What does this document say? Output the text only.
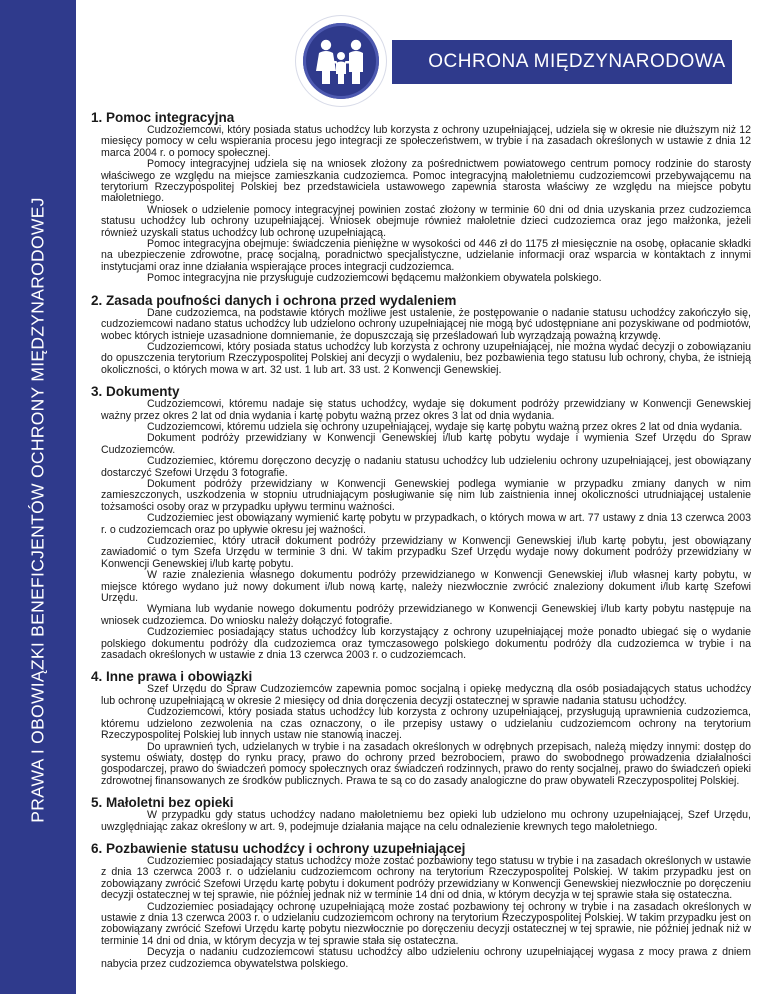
PRAWA I OBOWIĄZKI BENEFICJENTÓW OCHRONY MIĘDZYNARODOWEJ
OCHRONA MIĘDZYNARODOWA
1. Pomoc integracyjna

Cudzoziemcowi, który posiada status uchodźcy lub korzysta z ochrony uzupełniającej, udziela się w okresie nie dłuższym niż 12 miesięcy pomocy w celu wspierania procesu jego integracji ze społeczeństwem, w trybie i na zasadach określonych w ustawie z dnia 12 marca 2004 r. o pomocy społecznej.

Pomocy integracyjnej udziela się na wniosek złożony za pośrednictwem powiatowego centrum pomocy rodzinie do starosty właściwego ze względu na miejsce zamieszkania cudzoziemca. Pomoc integracyjną małoletniemu cudzoziemcowi przebywającemu na terytorium Rzeczypospolitej Polskiej bez przedstawiciela ustawowego zapewnia starosta właściwy ze względu na miejsce pobytu małoletniego.

Wniosek o udzielenie pomocy integracyjnej powinien zostać złożony w terminie 60 dni od dnia uzyskania przez cudzoziemca statusu uchodźcy lub ochrony uzupełniającej. Wniosek obejmuje również małoletnie dzieci cudzoziemca oraz jego małżonka, jeżeli również uzyskali status uchodźcy lub ochronę uzupełniającą.

Pomoc integracyjna obejmuje: świadczenia pieniężne w wysokości od 446 zł do 1175 zł miesięcznie na osobę, opłacanie składki na ubezpieczenie zdrowotne, pracę socjalną, poradnictwo specjalistyczne, udzielanie informacji oraz wsparcia w kontaktach z innymi instytucjami oraz inne działania wspierające proces integracji cudzoziemca.

Pomoc integracyjna nie przysługuje cudzoziemcowi będącemu małżonkiem obywatela polskiego.

2. Zasada poufności danych i ochrona przed wydaleniem

Dane cudzoziemca, na podstawie których możliwe jest ustalenie, że postępowanie o nadanie statusu uchodźcy zakończyło się, cudzoziemcowi nadano status uchodźcy lub udzielono ochrony uzupełniającej nie mogą być udostępniane ani pozyskiwane od podmiotów, wobec których istnieje uzasadnione domniemanie, że dopuszczają się prześladowań lub wyrządzają poważną krzywdę.

Cudzoziemcowi, który posiada status uchodźcy lub korzysta z ochrony uzupełniającej, nie można wydać decyzji o zobowiązaniu do opuszczenia terytorium Rzeczypospolitej Polskiej ani decyzji o wydaleniu, bez pozbawienia tego statusu lub ochrony, chyba, że istnieją okoliczności, o których mowa w art. 32 ust. 1 lub art. 33 ust. 2 Konwencji Genewskiej.

3. Dokumenty

Cudzoziemcowi, któremu nadaje się status uchodźcy, wydaje się dokument podróży przewidziany w Konwencji Genewskiej ważny przez okres 2 lat od dnia wydania i kartę pobytu ważną przez okres 3 lat od dnia wydania.

Cudzoziemcowi, któremu udziela się ochrony uzupełniającej, wydaje się kartę pobytu ważną przez okres 2 lat od dnia wydania.

Dokument podróży przewidziany w Konwencji Genewskiej i/lub kartę pobytu wydaje i wymienia Szef Urzędu do Spraw Cudzoziemców.

Cudzoziemiec, któremu doręczono decyzję o nadaniu statusu uchodźcy lub udzieleniu ochrony uzupełniającej, jest obowiązany dostarczyć Szefowi Urzędu 3 fotografie.

Dokument podróży przewidziany w Konwencji Genewskiej podlega wymianie w przypadku zmiany danych w nim zamieszczonych, uszkodzenia w stopniu utrudniającym posługiwanie się nim lub zaistnienia innej okoliczności utrudniającej ustalenie tożsamości osoby oraz w przypadku upływu terminu ważności.

Cudzoziemiec jest obowiązany wymienić kartę pobytu w przypadkach, o których mowa w art. 77 ustawy z dnia 13 czerwca 2003 r. o cudzoziemcach oraz po upływie okresu jej ważności.

Cudzoziemiec, który utracił dokument podróży przewidziany w Konwencji Genewskiej i/lub kartę pobytu, jest obowiązany zawiadomić o tym Szefa Urzędu w terminie 3 dni. W takim przypadku Szef Urzędu wydaje nowy dokument podróży przewidziany w Konwencji Genewskiej i/lub kartę pobytu.

W razie znalezienia własnego dokumentu podróży przewidzianego w Konwencji Genewskiej i/lub własnej karty pobytu, w miejsce którego wydano już nowy dokument i/lub nową kartę, należy niezwłocznie zwrócić znaleziony dokument i/lub kartę Szefowi Urzędu.

Wymiana lub wydanie nowego dokumentu podróży przewidzianego w Konwencji Genewskiej i/lub karty pobytu następuje na wniosek cudzoziemca. Do wniosku należy dołączyć fotografie.

Cudzoziemiec posiadający status uchodźcy lub korzystający z ochrony uzupełniającej może ponadto ubiegać się o wydanie polskiego dokumentu podróży dla cudzoziemca oraz tymczasowego polskiego dokumentu podróży dla cudzoziemca w trybie i na zasadach określonych w ustawie z dnia 13 czerwca 2003 r. o cudzoziemcach.

4. Inne prawa i obowiązki

Szef Urzędu do Spraw Cudzoziemców zapewnia pomoc socjalną i opiekę medyczną dla osób posiadających status uchodźcy lub ochronę uzupełniającą w okresie 2 miesięcy od dnia doręczenia decyzji ostatecznej w sprawie nadania statusu uchodźcy.

Cudzoziemcowi, który posiada status uchodźcy lub korzysta z ochrony uzupełniającej, przysługują uprawnienia cudzoziemca, któremu udzielono zezwolenia na czas oznaczony, o ile przepisy ustawy o udzielaniu cudzoziemcom ochrony na terytorium Rzeczypospolitej Polskiej lub innych ustaw nie stanowią inaczej.

Do uprawnień tych, udzielanych w trybie i na zasadach określonych w odrębnych przepisach, należą między innymi: dostęp do systemu oświaty, dostęp do rynku pracy, prawo do ochrony przed bezrobociem, prawo do swobodnego prowadzenia działalności gospodarczej, prawo do świadczeń pomocy społecznych oraz świadczeń rodzinnych, prawo do renty socjalnej, prawo do świadczeń opieki zdrowotnej finansowanych ze środków publicznych. Prawa te są co do zasady analogiczne do praw obywateli Rzeczypospolitej Polskiej.

5. Małoletni bez opieki

W przypadku gdy status uchodźcy nadano małoletniemu bez opieki lub udzielono mu ochrony uzupełniającej, Szef Urzędu, uwzględniając zakaz określony w art. 9, podejmuje działania mające na celu odnalezienie krewnych tego małoletniego.

6. Pozbawienie statusu uchodźcy i ochrony uzupełniającej

Cudzoziemiec posiadający status uchodźcy może zostać pozbawiony tego statusu w trybie i na zasadach określonych w ustawie z dnia 13 czerwca 2003 r. o udzielaniu cudzoziemcom ochrony na terytorium Rzeczypospolitej Polskiej. W takim przypadku jest on zobowiązany zwrócić Szefowi Urzędu kartę pobytu i dokument podróży przewidziany w Konwencji Genewskiej niezwłocznie po doręczeniu decyzji ostatecznej w tej sprawie, nie później jednak niż w terminie 14 dni od dnia, w którym decyzja w tej sprawie stała się ostateczna.

Cudzoziemiec posiadający ochronę uzupełniającą może zostać pozbawiony tej ochrony w trybie i na zasadach określonych w ustawie z dnia 13 czerwca 2003 r. o udzielaniu cudzoziemcom ochrony na terytorium Rzeczypospolitej Polskiej. W takim przypadku jest on zobowiązany zwrócić Szefowi Urzędu kartę pobytu niezwłocznie po doręczeniu decyzji ostatecznej w tej sprawie, nie później jednak niż w terminie 14 dni od dnia, w którym decyzja w tej sprawie stała się ostateczna.

Decyzja o nadaniu cudzoziemcowi statusu uchodźcy albo udzieleniu ochrony uzupełniającej wygasa z mocy prawa z dniem nabycia przez cudzoziemca obywatelstwa polskiego.
